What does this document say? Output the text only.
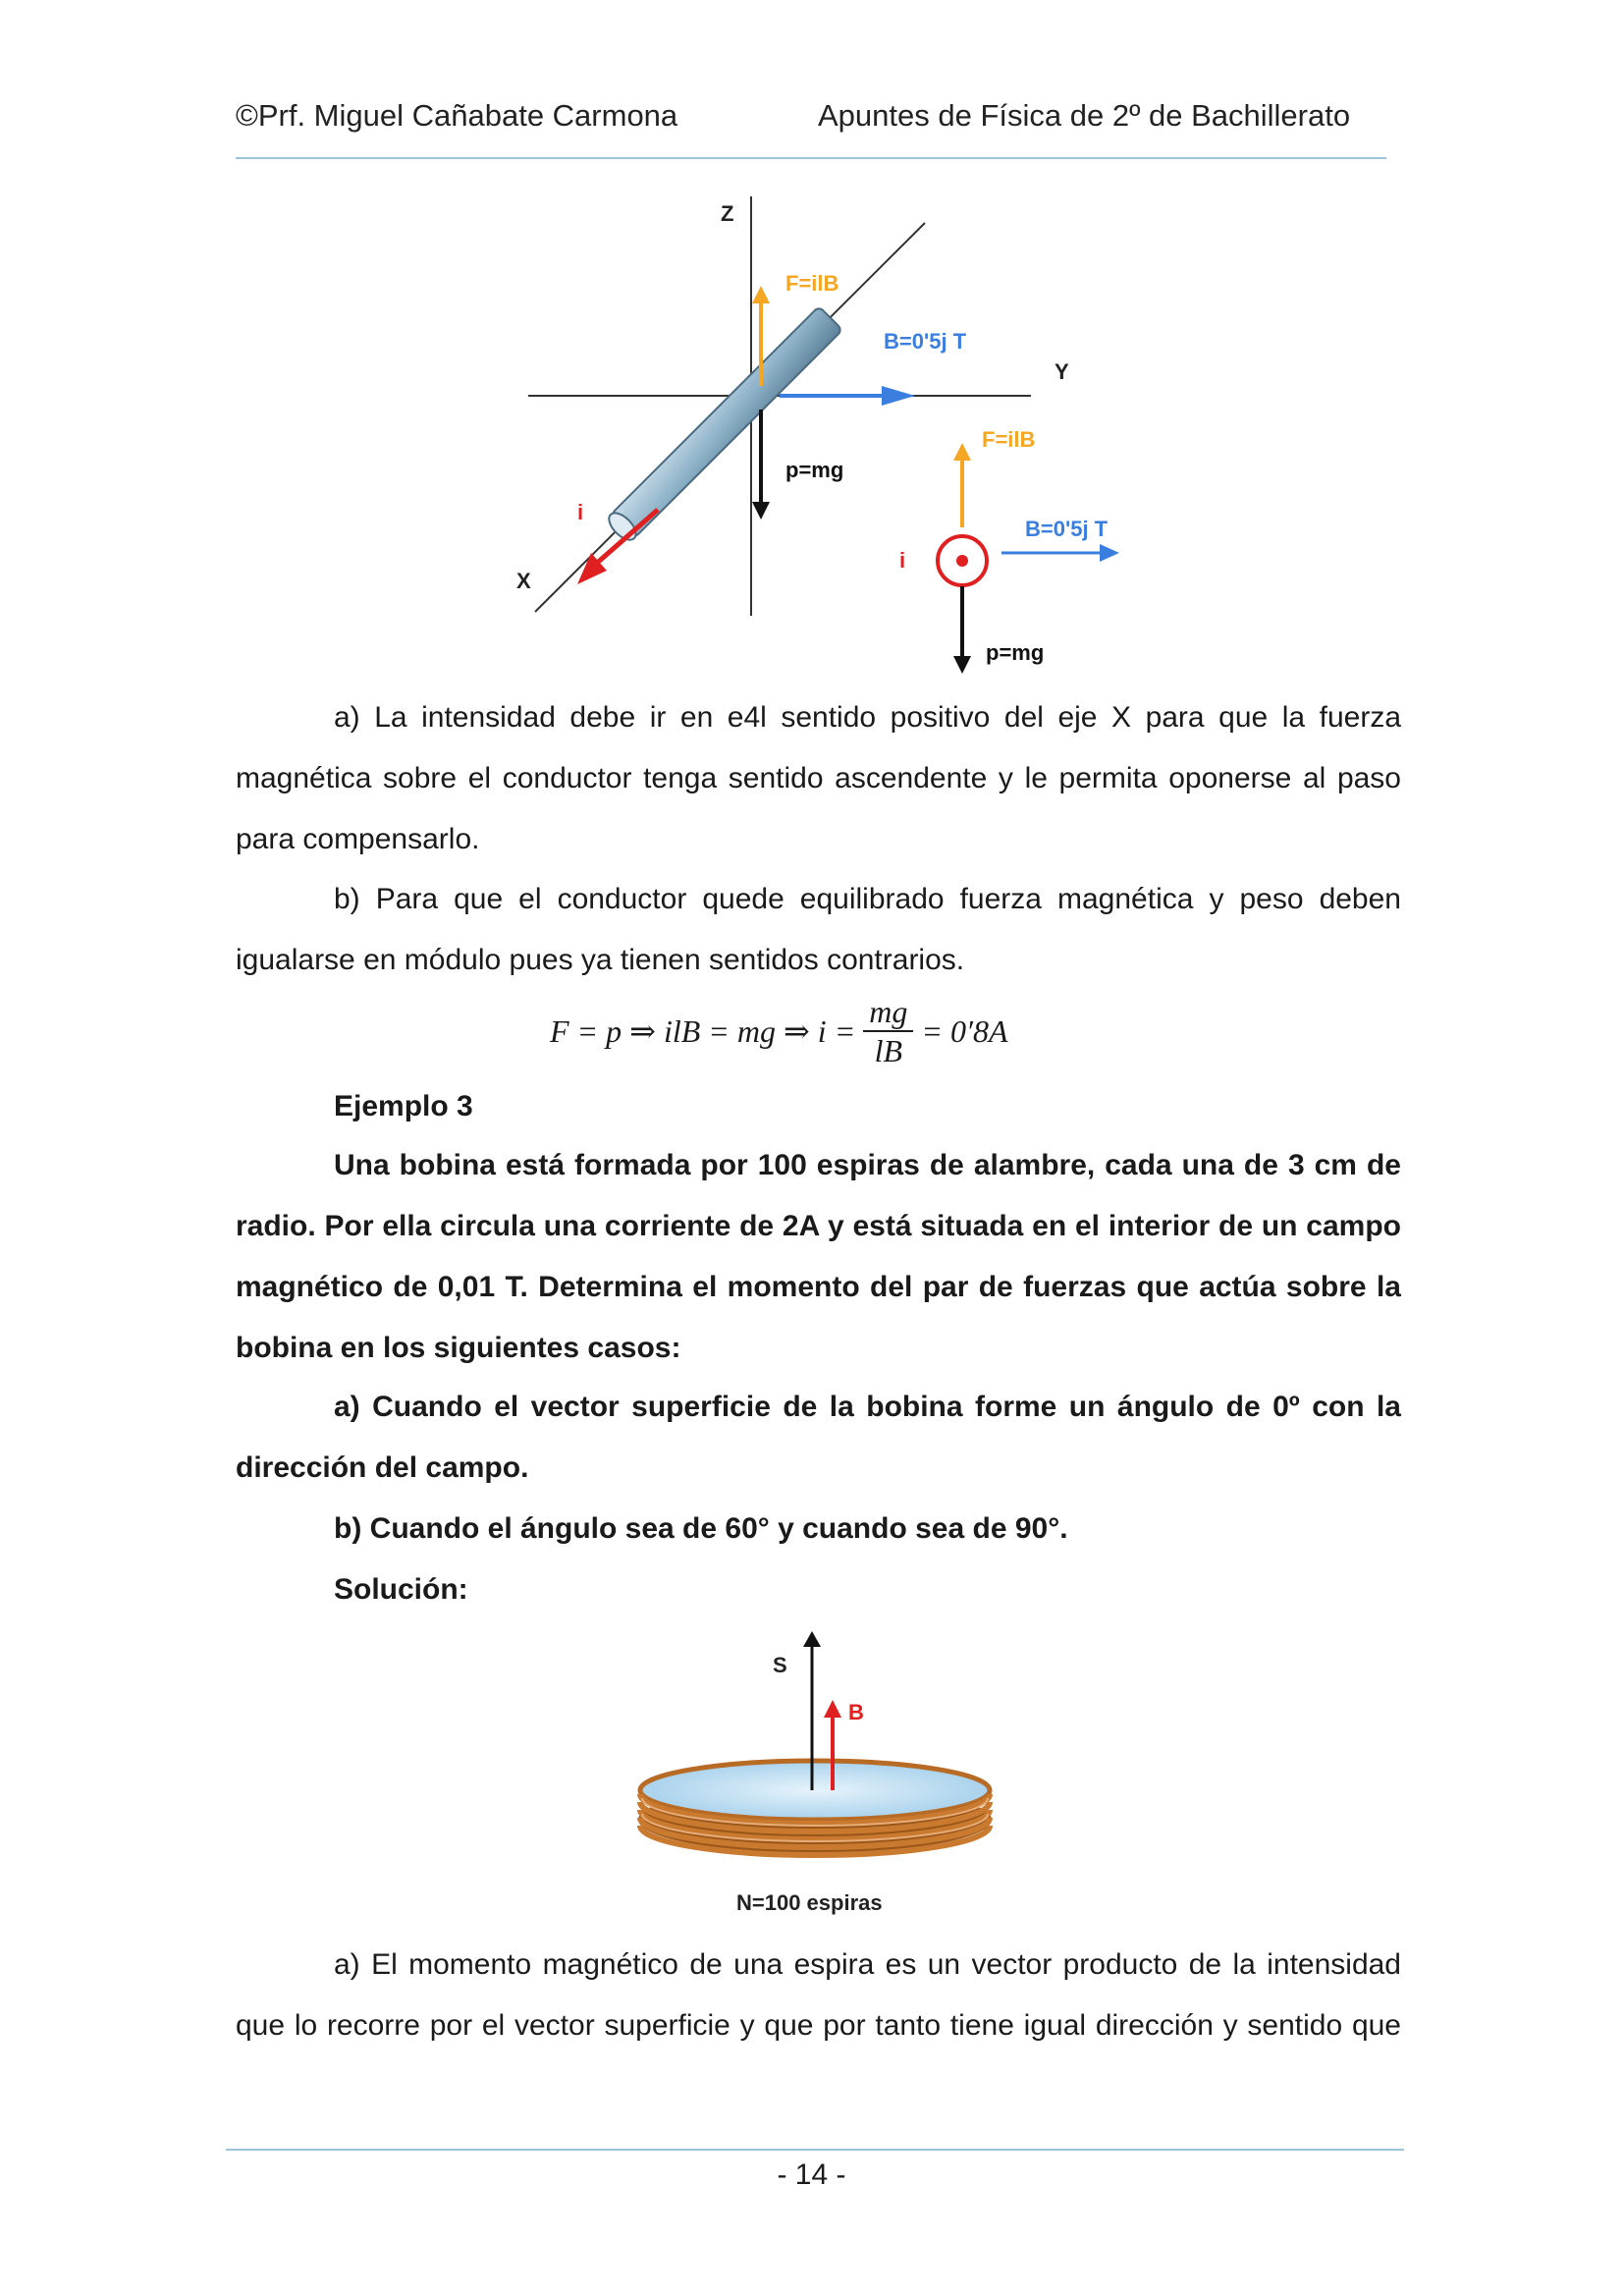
©Prf. Miguel Cañabate Carmona	Apuntes de Física de 2º de Bachillerato
Z
Y
X
F=ilB
B=0'5j T
p=mg
i
F=ilB
B=0'5j T
i
p=mg

a) La intensidad debe ir en e4l sentido positivo del eje X para que la fuerza

magnética sobre el conductor tenga sentido ascendente y le permita oponerse al paso

para compensarlo.

b) Para que el conductor quede equilibrado fuerza magnética y peso deben

igualarse en módulo pues ya tienen sentidos contrarios.
F = p ⇒ ilB = mg ⇒ $i = \frac{mg}{lB} = 0'8A$
Ejemplo 3

Una bobina está formada por 100 espiras de alambre, cada una de 3 cm de

radio. Por ella circula una corriente de 2A y está situada en el interior de un campo

magnético de 0,01 T. Determina el momento del par de fuerzas que actúa sobre la

bobina en los siguientes casos:

a) Cuando el vector superficie de la bobina forme un ángulo de 0º con la

dirección del campo.
b) Cuando el ángulo sea de 60° y cuando sea de 90°.
Solución:
S
B
N=100 espiras

a) El momento magnético de una espira es un vector producto de la intensidad

que lo recorre por el vector superficie y que por tanto tiene igual dirección y sentido que

- 14 -
